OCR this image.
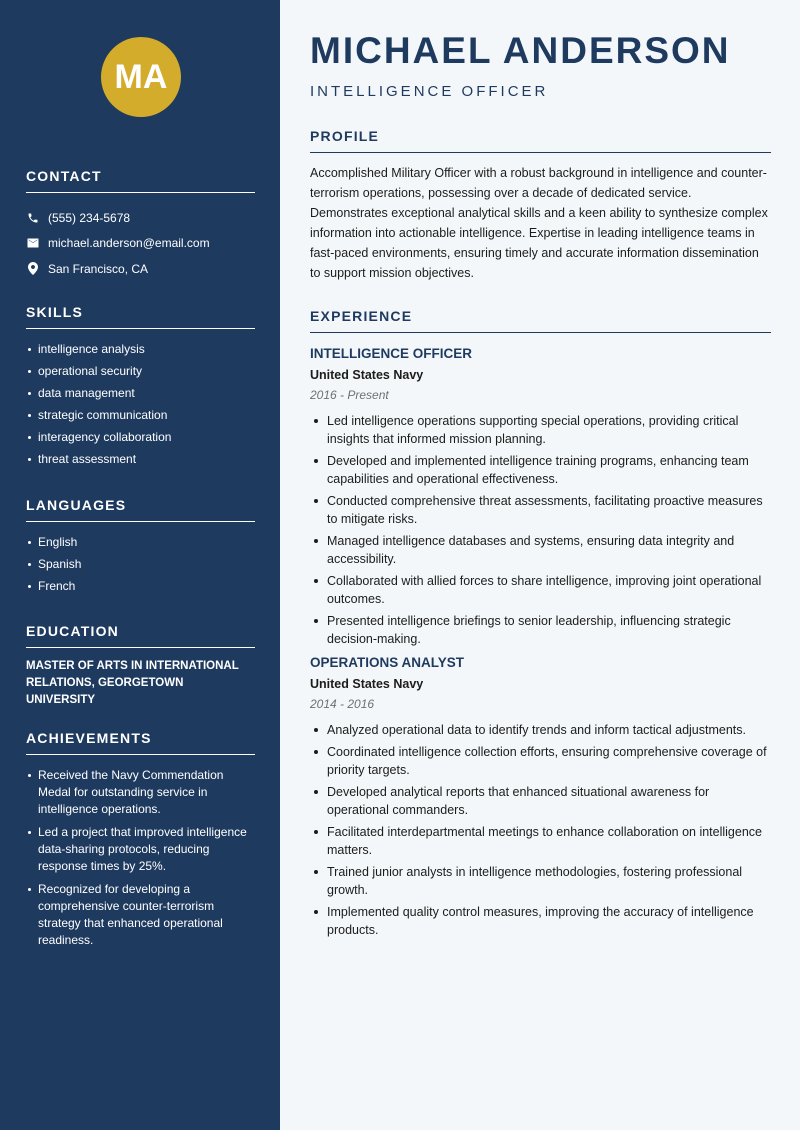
MA
CONTACT
(555) 234-5678
michael.anderson@email.com
San Francisco, CA
SKILLS
intelligence analysis
operational security
data management
strategic communication
interagency collaboration
threat assessment
LANGUAGES
English
Spanish
French
EDUCATION

MASTER OF ARTS IN INTERNATIONAL RELATIONS, GEORGETOWN UNIVERSITY

ACHIEVEMENTS
Received the Navy Commendation Medal for outstanding service in intelligence operations.
Led a project that improved intelligence data-sharing protocols, reducing response times by 25%.
Recognized for developing a comprehensive counter-terrorism strategy that enhanced operational readiness.
MICHAEL ANDERSON
INTELLIGENCE OFFICER
PROFILE

Accomplished Military Officer with a robust background in intelligence and counter-terrorism operations, possessing over a decade of dedicated service. Demonstrates exceptional analytical skills and a keen ability to synthesize complex information into actionable intelligence. Expertise in leading intelligence teams in fast-paced environments, ensuring timely and accurate information dissemination to support mission objectives.

EXPERIENCE
INTELLIGENCE OFFICER
United States Navy
2016 - Present
Led intelligence operations supporting special operations, providing critical insights that informed mission planning.
Developed and implemented intelligence training programs, enhancing team capabilities and operational effectiveness.
Conducted comprehensive threat assessments, facilitating proactive measures to mitigate risks.
Managed intelligence databases and systems, ensuring data integrity and accessibility.
Collaborated with allied forces to share intelligence, improving joint operational outcomes.
Presented intelligence briefings to senior leadership, influencing strategic decision-making.
OPERATIONS ANALYST
United States Navy
2014 - 2016
Analyzed operational data to identify trends and inform tactical adjustments.
Coordinated intelligence collection efforts, ensuring comprehensive coverage of priority targets.
Developed analytical reports that enhanced situational awareness for operational commanders.
Facilitated interdepartmental meetings to enhance collaboration on intelligence matters.
Trained junior analysts in intelligence methodologies, fostering professional growth.
Implemented quality control measures, improving the accuracy of intelligence products.
